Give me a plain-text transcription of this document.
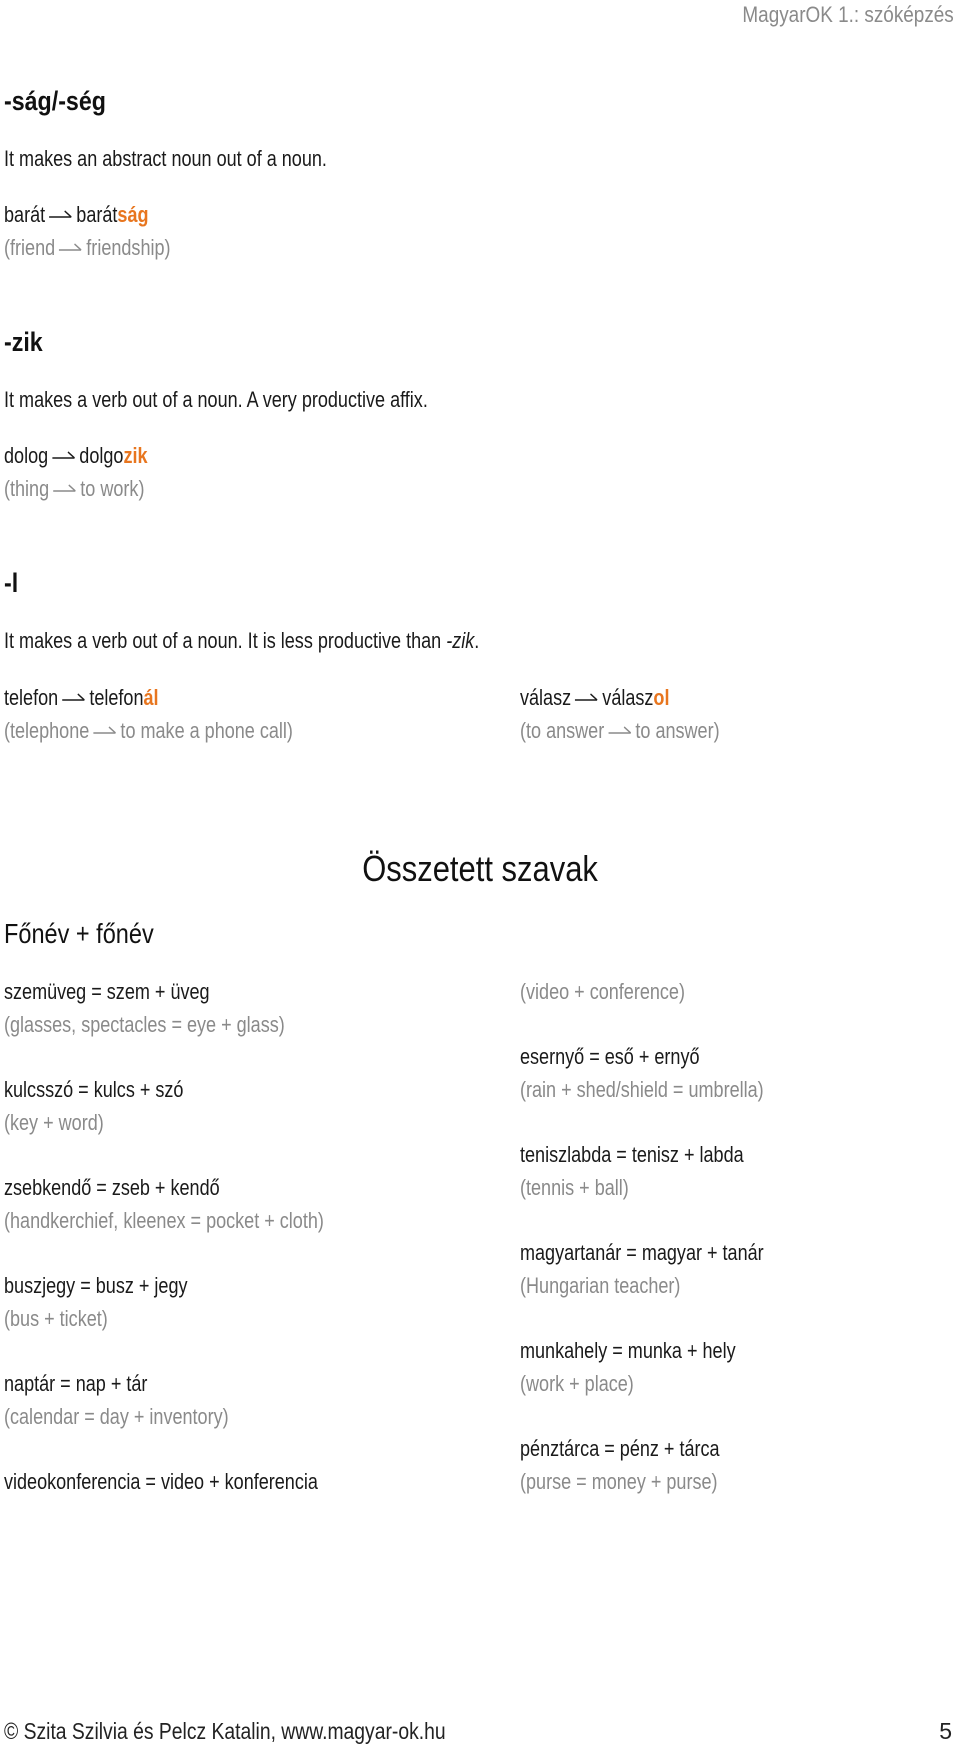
MagyarOK 1.: szóképzés
-ság/-ség
It makes an abstract noun out of a noun.
barát barátság
(friend friendship)
-zik
It makes a verb out of a noun. A very productive affix.
dolog dolgozik
(thing to work)
-l
It makes a verb out of a noun. It is less productive than -zik.
telefon telefonál
(telephone to make a phone call)
válasz válaszol
(to answer to answer)
Összetett szavak
Főnév + főnév
szemüveg = szem + üveg
(glasses, spectacles = eye + glass)
kulcsszó = kulcs + szó
(key + word)
zsebkendő = zseb + kendő
(handkerchief, kleenex = pocket + cloth)
buszjegy = busz + jegy
(bus + ticket)
naptár = nap + tár
(calendar = day + inventory)
videokonferencia = video + konferencia
(video + conference)
esernyő = eső + ernyő
(rain + shed/shield = umbrella)
teniszlabda = tenisz + labda
(tennis + ball)
magyartanár = magyar + tanár
(Hungarian teacher)
munkahely = munka + hely
(work + place)
pénztárca = pénz + tárca
(purse = money + purse)
© Szita Szilvia és Pelcz Katalin, www.magyar-ok.hu	5
